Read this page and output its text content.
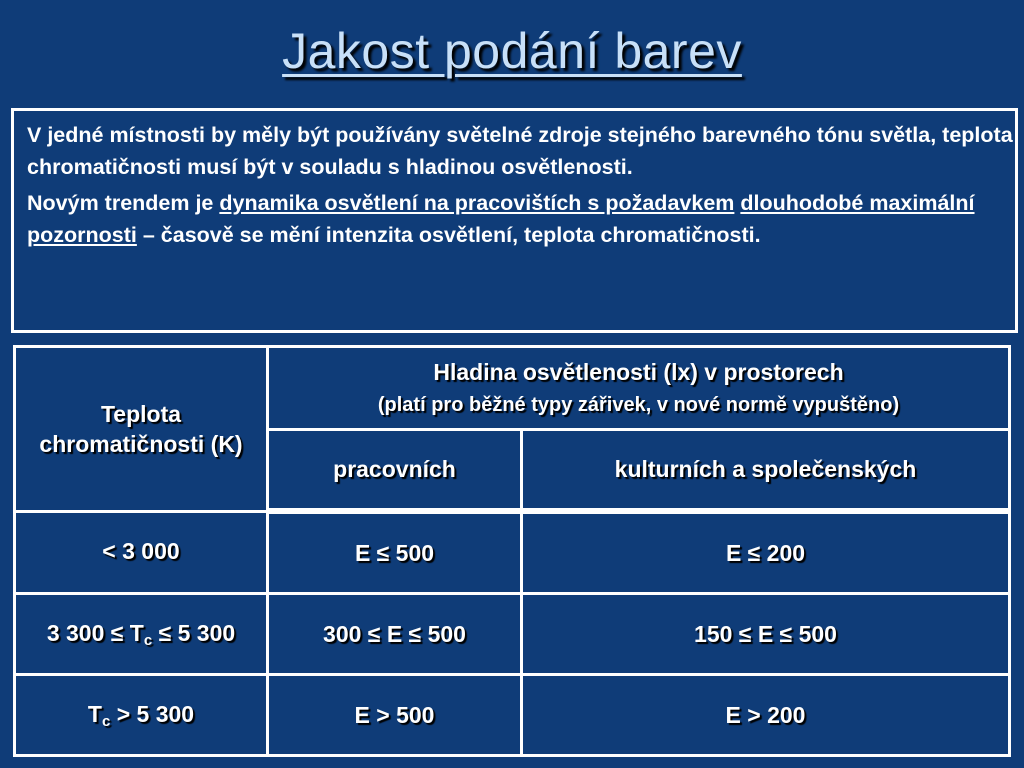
Jakost podání barev

V jedné místnosti by měly být používány světelné zdroje stejného barevného tónu světla, teplota chromatičnosti musí být v souladu s hladinou osvětlenosti.

Novým trendem je dynamika osvětlení na pracovištích s požadavkem dlouhodobé maximální pozornosti – časově se mění intenzita osvětlení, teplota chromatičnosti.

Teplota chromatičnosti (K)	Hladina osvětlenosti (lx) v prostorech
(platí pro běžné typy zářivek, v nové normě vypuštěno)	

	pracovních	kulturních a společenských
< 3 000	E ≤ 500	E ≤ 200
3 $300 \le T_c \le 5$ 300	300 ≤ E ≤ 500	150 ≤ E ≤ 500
$T_c > 5$ 300	E > 500	E > 200
